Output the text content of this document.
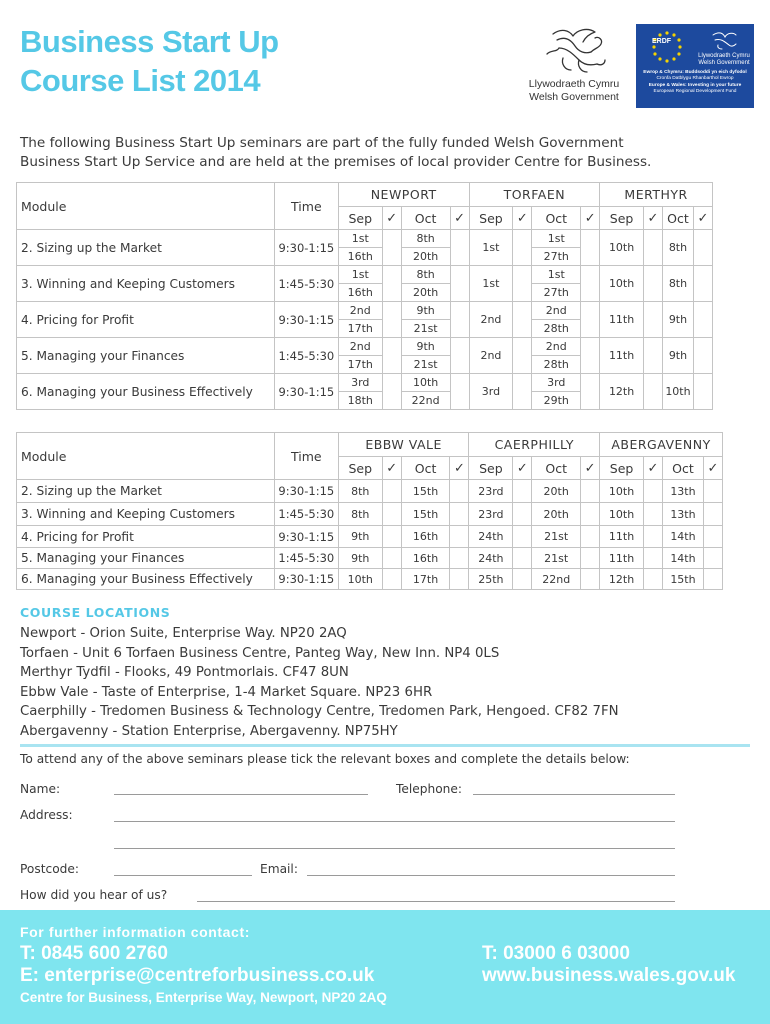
Business Start Up
Course List 2014	Llywodraeth Cymru
Welsh Government
ERDF
Llywodraeth Cymru
Welsh Government
Ewrop & Chymru: Buddsoddi yn eich dyfodol
Cronfa Datblygu Rhanbarthol Ewrop
Europe & Wales: Investing in your future
European Regional Development Fund
The following Business Start Up seminars are part of the fully funded Welsh Government
Business Start Up Service and are held at the premises of local provider Centre for Business.
Module	Time	NEWPORT				TORFAEN				MERTHYR			
		Sep	✓	Oct	✓	Sep	✓	Oct	✓	Sep	✓	Oct	✓
2. Sizing up the Market	9:30-1:15	1st		8th		1st		1st		10th		8th	
		16th		20th				27th					
3. Winning and Keeping Customers	1:45-5:30	1st		8th		1st		1st		10th		8th	
		16th		20th				27th					
4. Pricing for Profit	9:30-1:15	2nd		9th		2nd		2nd		11th		9th	
		17th		21st				28th					
5. Managing your Finances	1:45-5:30	2nd		9th		2nd		2nd		11th		9th	
		17th		21st				28th					
6. Managing your Business Effectively	9:30-1:15	3rd		10th		3rd		3rd		12th		10th	
		18th		22nd				29th					
Module	Time	EBBW VALE				CAERPHILLY				ABERGAVENNY			
		Sep	✓	Oct	✓	Sep	✓	Oct	✓	Sep	✓	Oct	✓
2. Sizing up the Market	9:30-1:15	8th		15th		23rd		20th		10th		13th	
3. Winning and Keeping Customers	1:45-5:30	8th		15th		23rd		20th		10th		13th	
4. Pricing for Profit	9:30-1:15	9th		16th		24th		21st		11th		14th	
5. Managing your Finances	1:45-5:30	9th		16th		24th		21st		11th		14th	
6. Managing your Business Effectively	9:30-1:15	10th		17th		25th		22nd		12th		15th	
COURSE LOCATIONS
Newport - Orion Suite, Enterprise Way. NP20 2AQ
Torfaen - Unit 6 Torfaen Business Centre, Panteg Way, New Inn. NP4 0LS
Merthyr Tydfil - Flooks, 49 Pontmorlais. CF47 8UN
Ebbw Vale - Taste of Enterprise, 1-4 Market Square. NP23 6HR
Caerphilly - Tredomen Business & Technology Centre, Tredomen Park, Hengoed. CF82 7FN
Abergavenny - Station Enterprise, Abergavenny. NP75HY
To attend any of the above seminars please tick the relevant boxes and complete the details below:
Name:	Telephone:
Address:
Postcode:	Email:
How did you hear of us?
For further information contact:
T: 0845 600 2760
E: enterprise@centreforbusiness.co.uk
T: 03000 6 03000
www.business.wales.gov.uk
Centre for Business, Enterprise Way, Newport, NP20 2AQ
